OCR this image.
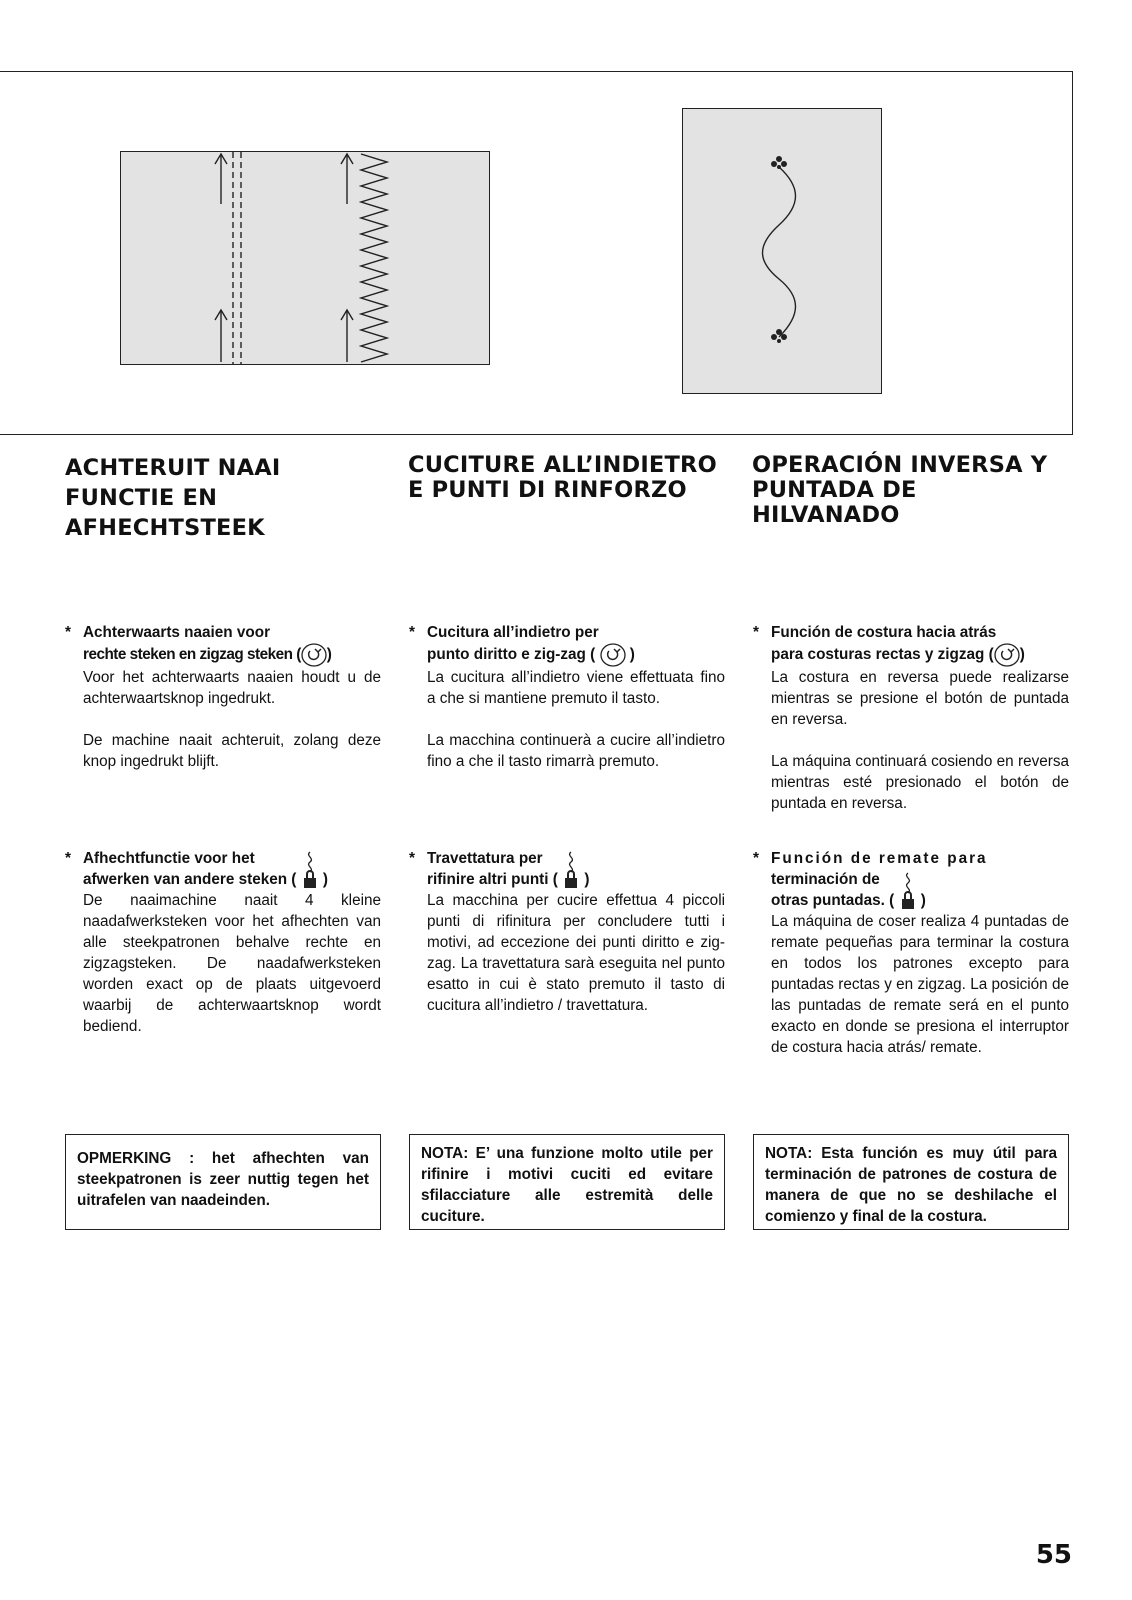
ACHTERUIT NAAI
FUNCTIE EN
AFHECHTSTEEK
* Achterwaarts naaien voor
rechte steken en zigzag steken ( )

Voor het achterwaarts naaien houdt u de achterwaartsknop ingedrukt.

De machine naait achteruit, zolang deze knop ingedrukt blijft.

* Afhechtfunctie voor het
afwerken van andere steken ( )

De naaimachine naait 4 kleine naadafwerksteken voor het afhechten van alle steekpatronen behalve rechte en zigzagsteken. De naadafwerksteken worden exact op de plaats uitgevoerd waarbij de achterwaartsknop wordt bediend.

OPMERKING : het afhechten van steekpatronen is zeer nuttig tegen het uitrafelen van naadeinden.
CUCITURE ALL’INDIETRO
E PUNTI DI RINFORZO
* Cucitura all’indietro per
punto diritto e zig-zag ( )

La cucitura all’indietro viene effettuata fino a che si mantiene premuto il tasto.

La macchina continuerà a cucire all’indietro fino a che il tasto rimarrà premuto.

* Travettatura per
rifinire altri punti ( )

La macchina per cucire effettua 4 piccoli punti di rifinitura per concludere tutti i motivi, ad eccezione dei punti diritto e zig-zag. La travettatura sarà eseguita nel punto esatto in cui è stato premuto il tasto di cucitura all’indietro / travettatura.

NOTA: E’ una funzione molto utile per rifinire i motivi cuciti ed evitare sfilacciature alle estremità delle cuciture.
OPERACIÓN INVERSA Y
PUNTADA DE
HILVANADO
* Función de costura hacia atrás
para costuras rectas y zigzag ( )

La costura en reversa puede realizarse mientras se presione el botón de puntada en reversa.

La máquina continuará cosiendo en reversa mientras esté presionado el botón de puntada en reversa.

* Función de remate para
terminación de
otras puntadas. ( )

La máquina de coser realiza 4 puntadas de remate pequeñas para terminar la costura en todos los patrones excepto para puntadas rectas y en zigzag. La posición de las puntadas de remate será en el punto exacto en donde se presiona el interruptor de costura hacia atrás/ remate.

NOTA: Esta función es muy útil para terminación de patrones de costura de manera de que no se deshilache el comienzo y final de la costura.
55
